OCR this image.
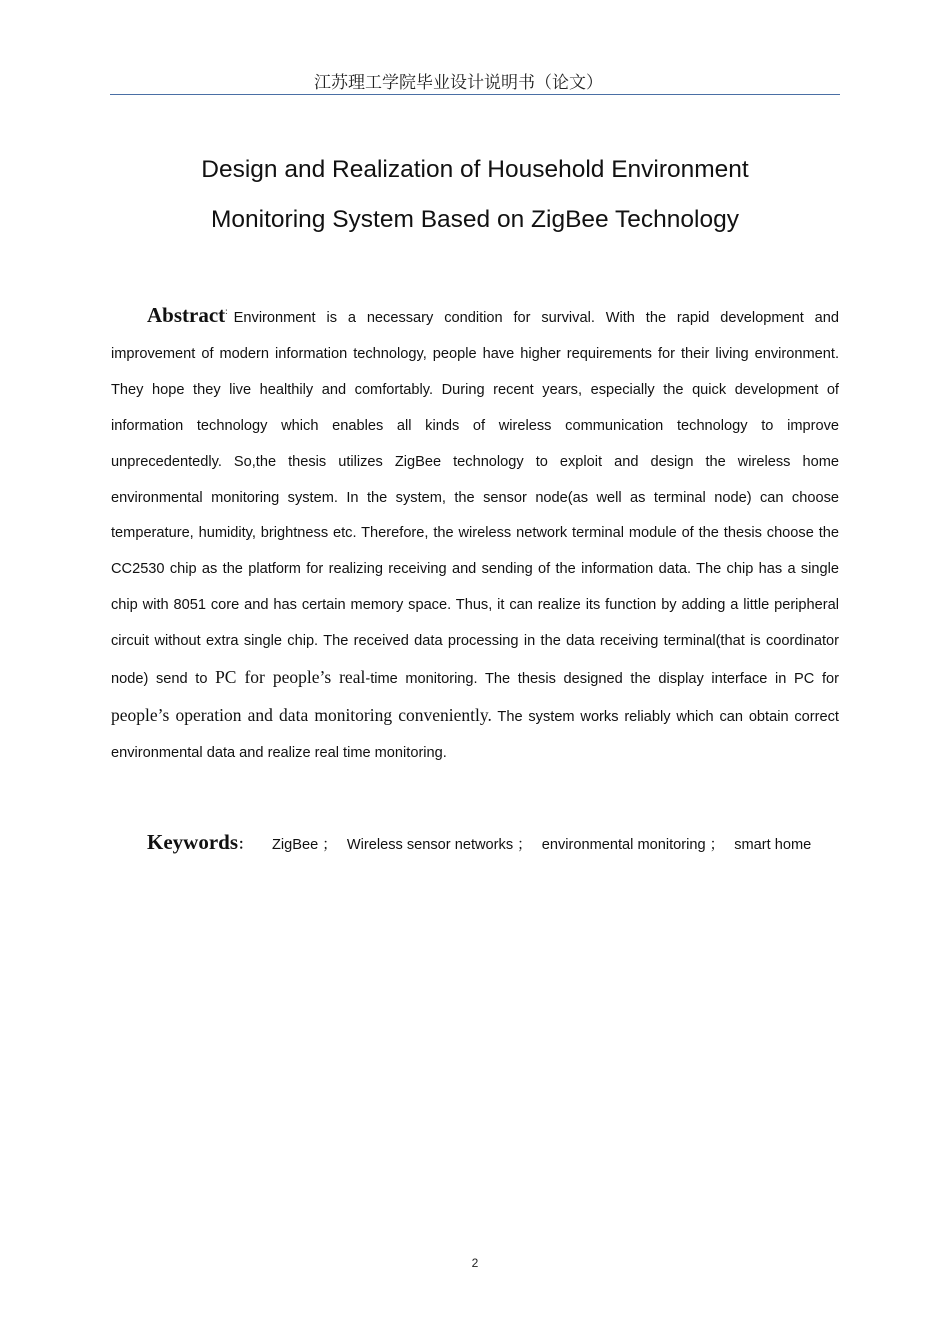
江苏理工学院毕业设计说明书（论文）
Design and Realization of Household Environment
Monitoring System Based on ZigBee Technology
Abstract: Environment is a necessary condition for survival. With the rapid development and improvement of modern information technology, people have higher requirements for their living environment. They hope they live healthily and comfortably. During recent years, especially the quick development of information technology which enables all kinds of wireless communication technology to improve unprecedentedly. So,the thesis utilizes ZigBee technology to exploit and design the wireless home environmental monitoring system. In the system, the sensor node(as well as terminal node) can choose temperature, humidity, brightness etc. Therefore, the wireless network terminal module of the thesis choose the CC2530 chip as the platform for realizing receiving and sending of the information data. The chip has a single chip with 8051 core and has certain memory space. Thus, it can realize its function by adding a little peripheral circuit without extra single chip. The received data processing in the data receiving terminal(that is coordinator node) send to PC for people’s real-time monitoring. The thesis designed the display interface in PC for people’s operation and data monitoring conveniently. The system works reliably which can obtain correct environmental data and realize real time monitoring.
Keywords： ZigBee ； Wireless sensor networks ； environmental monitoring ； smart home
2
